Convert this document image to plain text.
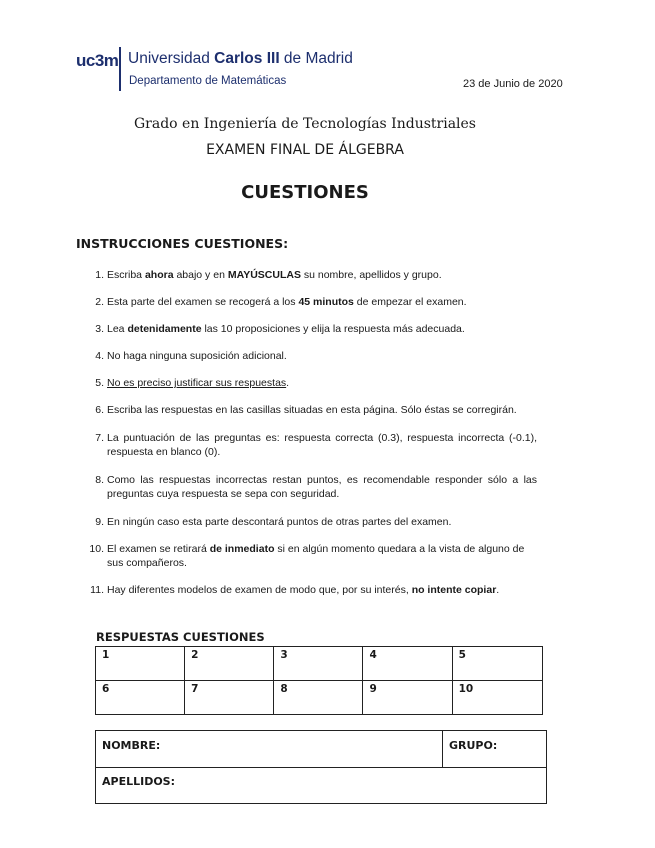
uc3m Universidad Carlos III de Madrid
Departamento de Matemáticas	23 de Junio de 2020
Grado en Ingeniería de Tecnologías Industriales
EXAMEN FINAL DE ÁLGEBRA
CUESTIONES
INSTRUCCIONES CUESTIONES:
1. Escriba ahora abajo y en MAYÚSCULAS su nombre, apellidos y grupo.
2. Esta parte del examen se recogerá a los 45 minutos de empezar el examen.
3. Lea detenidamente las 10 proposiciones y elija la respuesta más adecuada.
4. No haga ninguna suposición adicional.
5. No es preciso justificar sus respuestas.
6. Escriba las respuestas en las casillas situadas en esta página. Sólo éstas se corregirán.
7. La puntuación de las preguntas es: respuesta correcta (0.3), respuesta incorrecta (-0.1), respuesta en blanco (0).
8. Como las respuestas incorrectas restan puntos, es recomendable responder sólo a las preguntas cuya respuesta se sepa con seguridad.
9. En ningún caso esta parte descontará puntos de otras partes del examen.
10. El examen se retirará de inmediato si en algún momento quedara a la vista de alguno de sus compañeros.
11. Hay diferentes modelos de examen de modo que, por su interés, no intente copiar.
RESPUESTAS CUESTIONES
1	2	3	4	5
6	7	8	9	10
NOMBRE:	GRUPO:
APELLIDOS:
